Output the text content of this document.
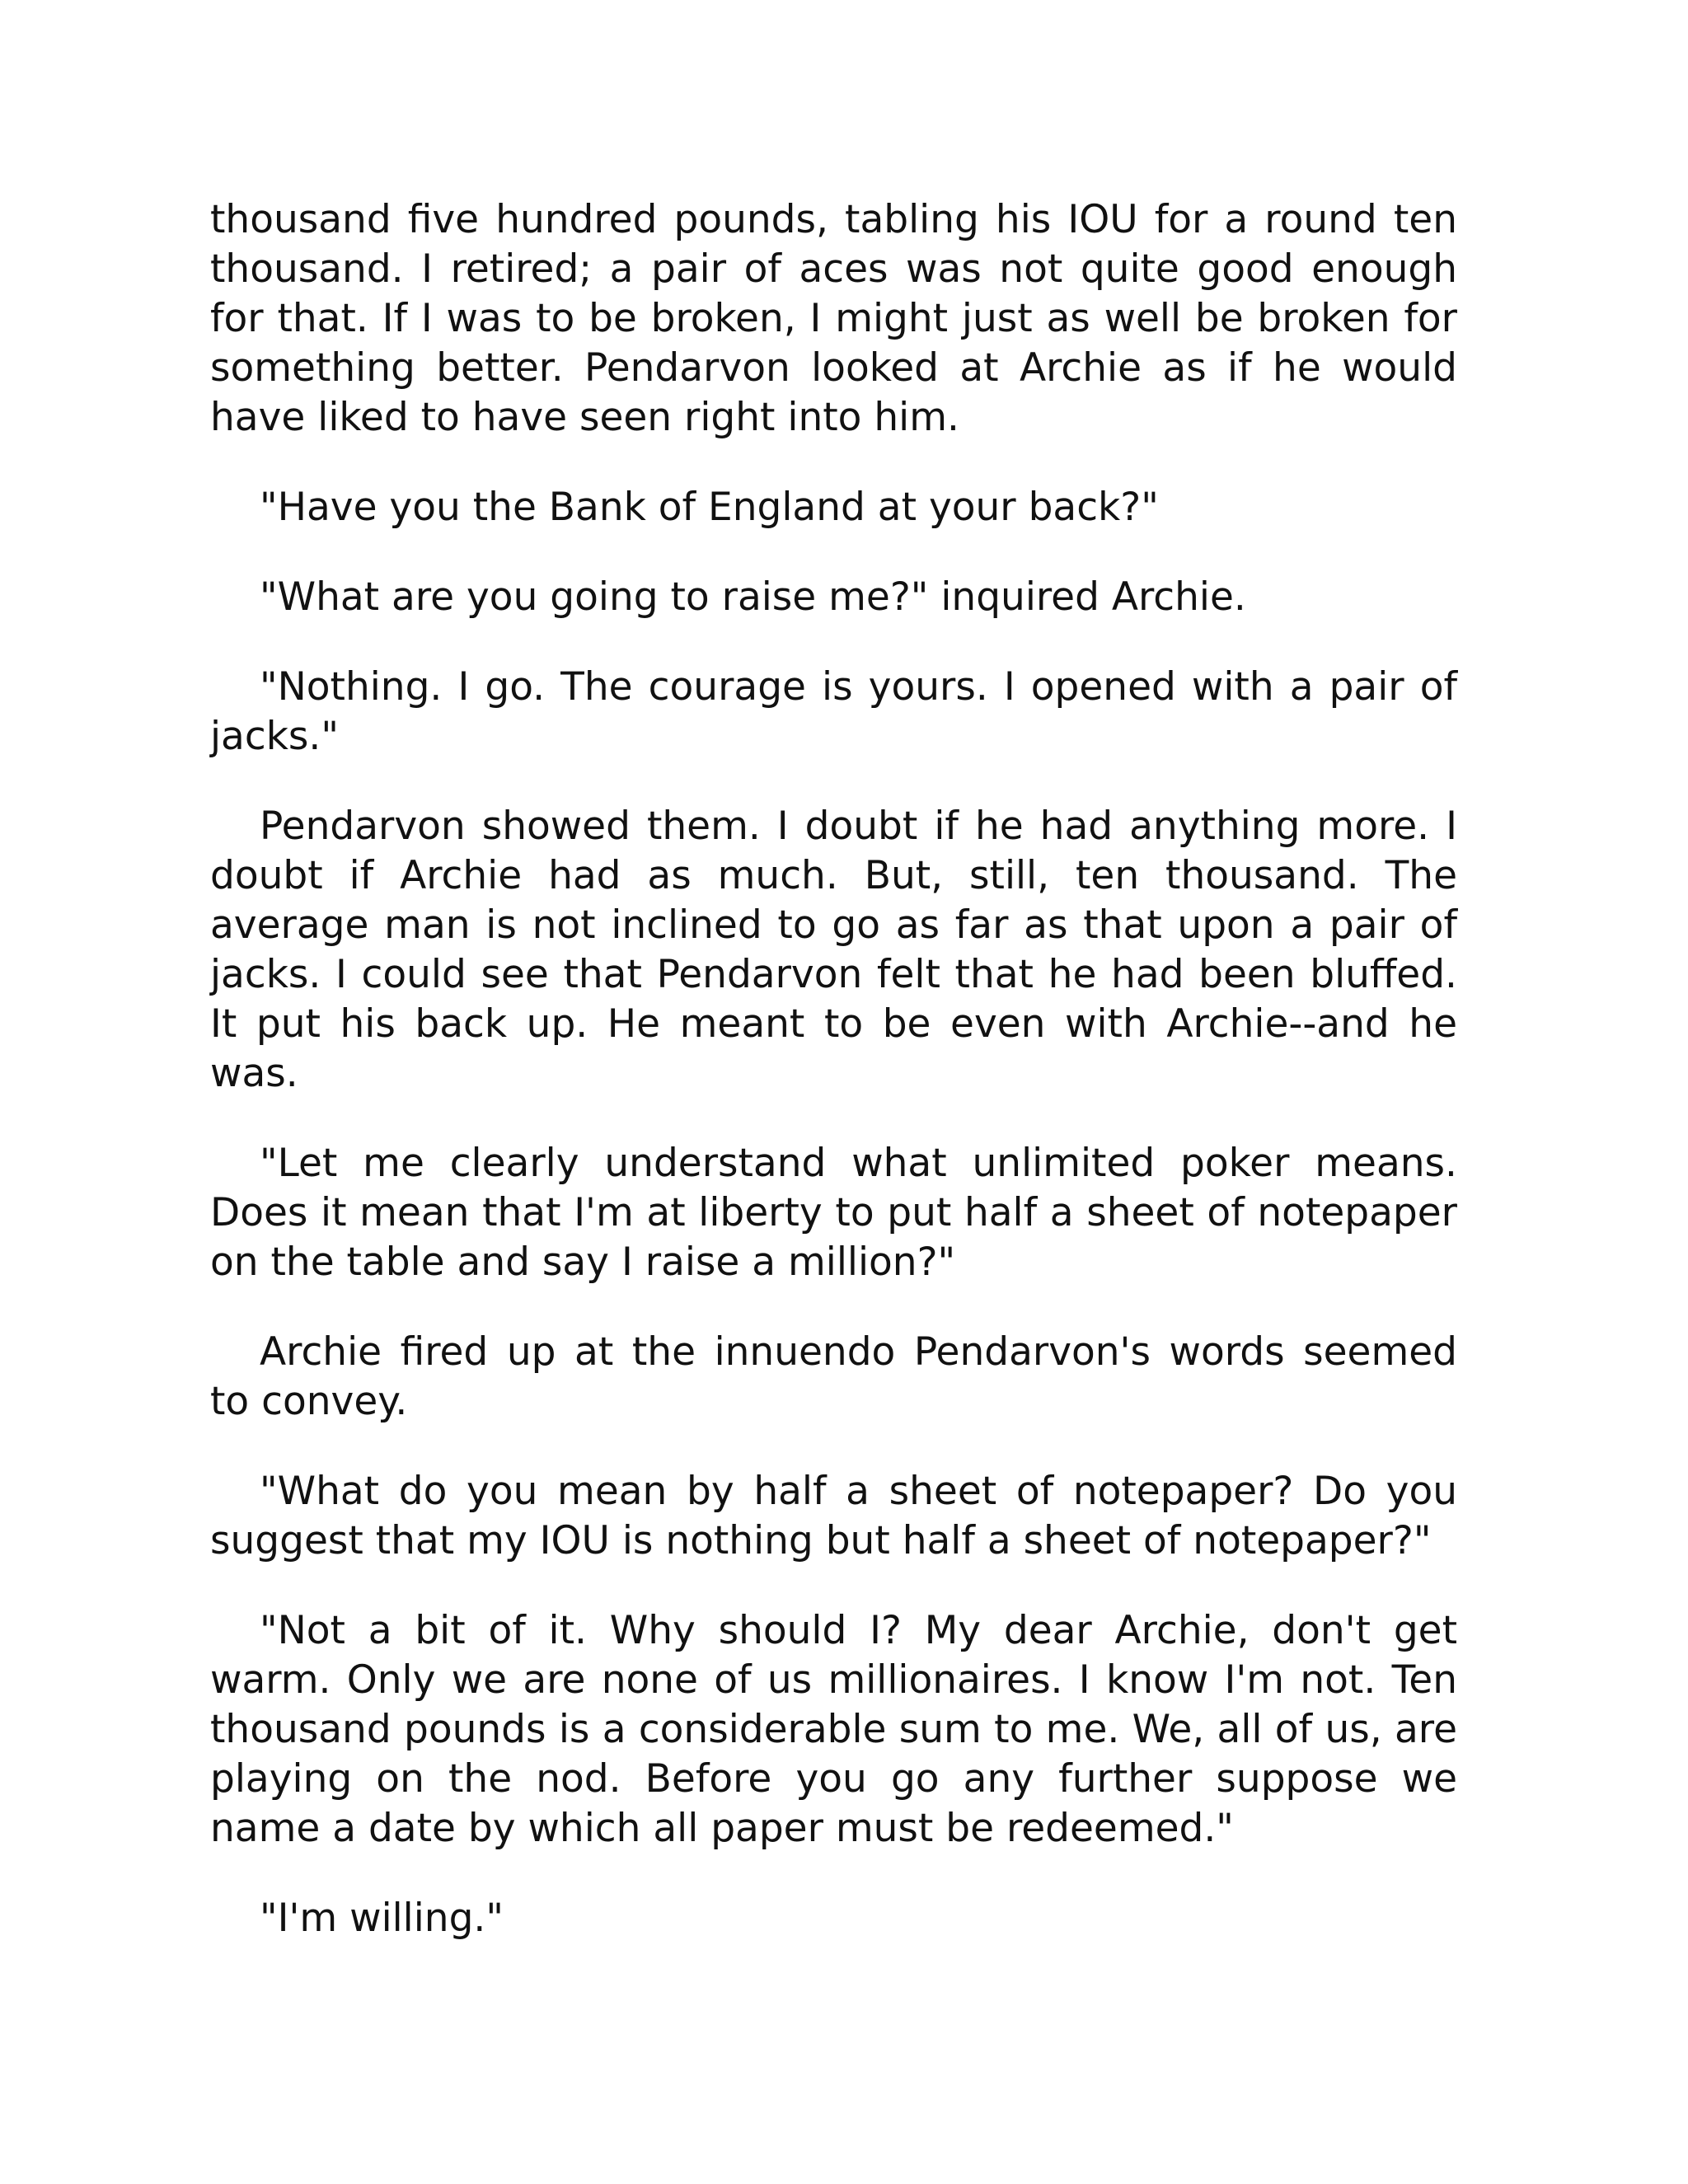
thousand five hundred pounds, tabling his IOU for a round ten thousand. I retired; a pair of aces was not quite good enough for that. If I was to be broken, I might just as well be broken for something better. Pendarvon looked at Archie as if he would have liked to have seen right into him.

"Have you the Bank of England at your back?"

"What are you going to raise me?" inquired Archie.

"Nothing. I go. The courage is yours. I opened with a pair of jacks."

Pendarvon showed them. I doubt if he had anything more. I doubt if Archie had as much. But, still, ten thousand. The average man is not inclined to go as far as that upon a pair of jacks. I could see that Pendarvon felt that he had been bluffed. It put his back up. He meant to be even with Archie--and he was.

"Let me clearly understand what unlimited poker means. Does it mean that I'm at liberty to put half a sheet of notepaper on the table and say I raise a million?"

Archie fired up at the innuendo Pendarvon's words seemed to convey.

"What do you mean by half a sheet of notepaper? Do you suggest that my IOU is nothing but half a sheet of notepaper?"

"Not a bit of it. Why should I? My dear Archie, don't get warm. Only we are none of us millionaires. I know I'm not. Ten thousand pounds is a considerable sum to me. We, all of us, are playing on the nod. Before you go any further suppose we name a date by which all paper must be redeemed."

"I'm willing."
